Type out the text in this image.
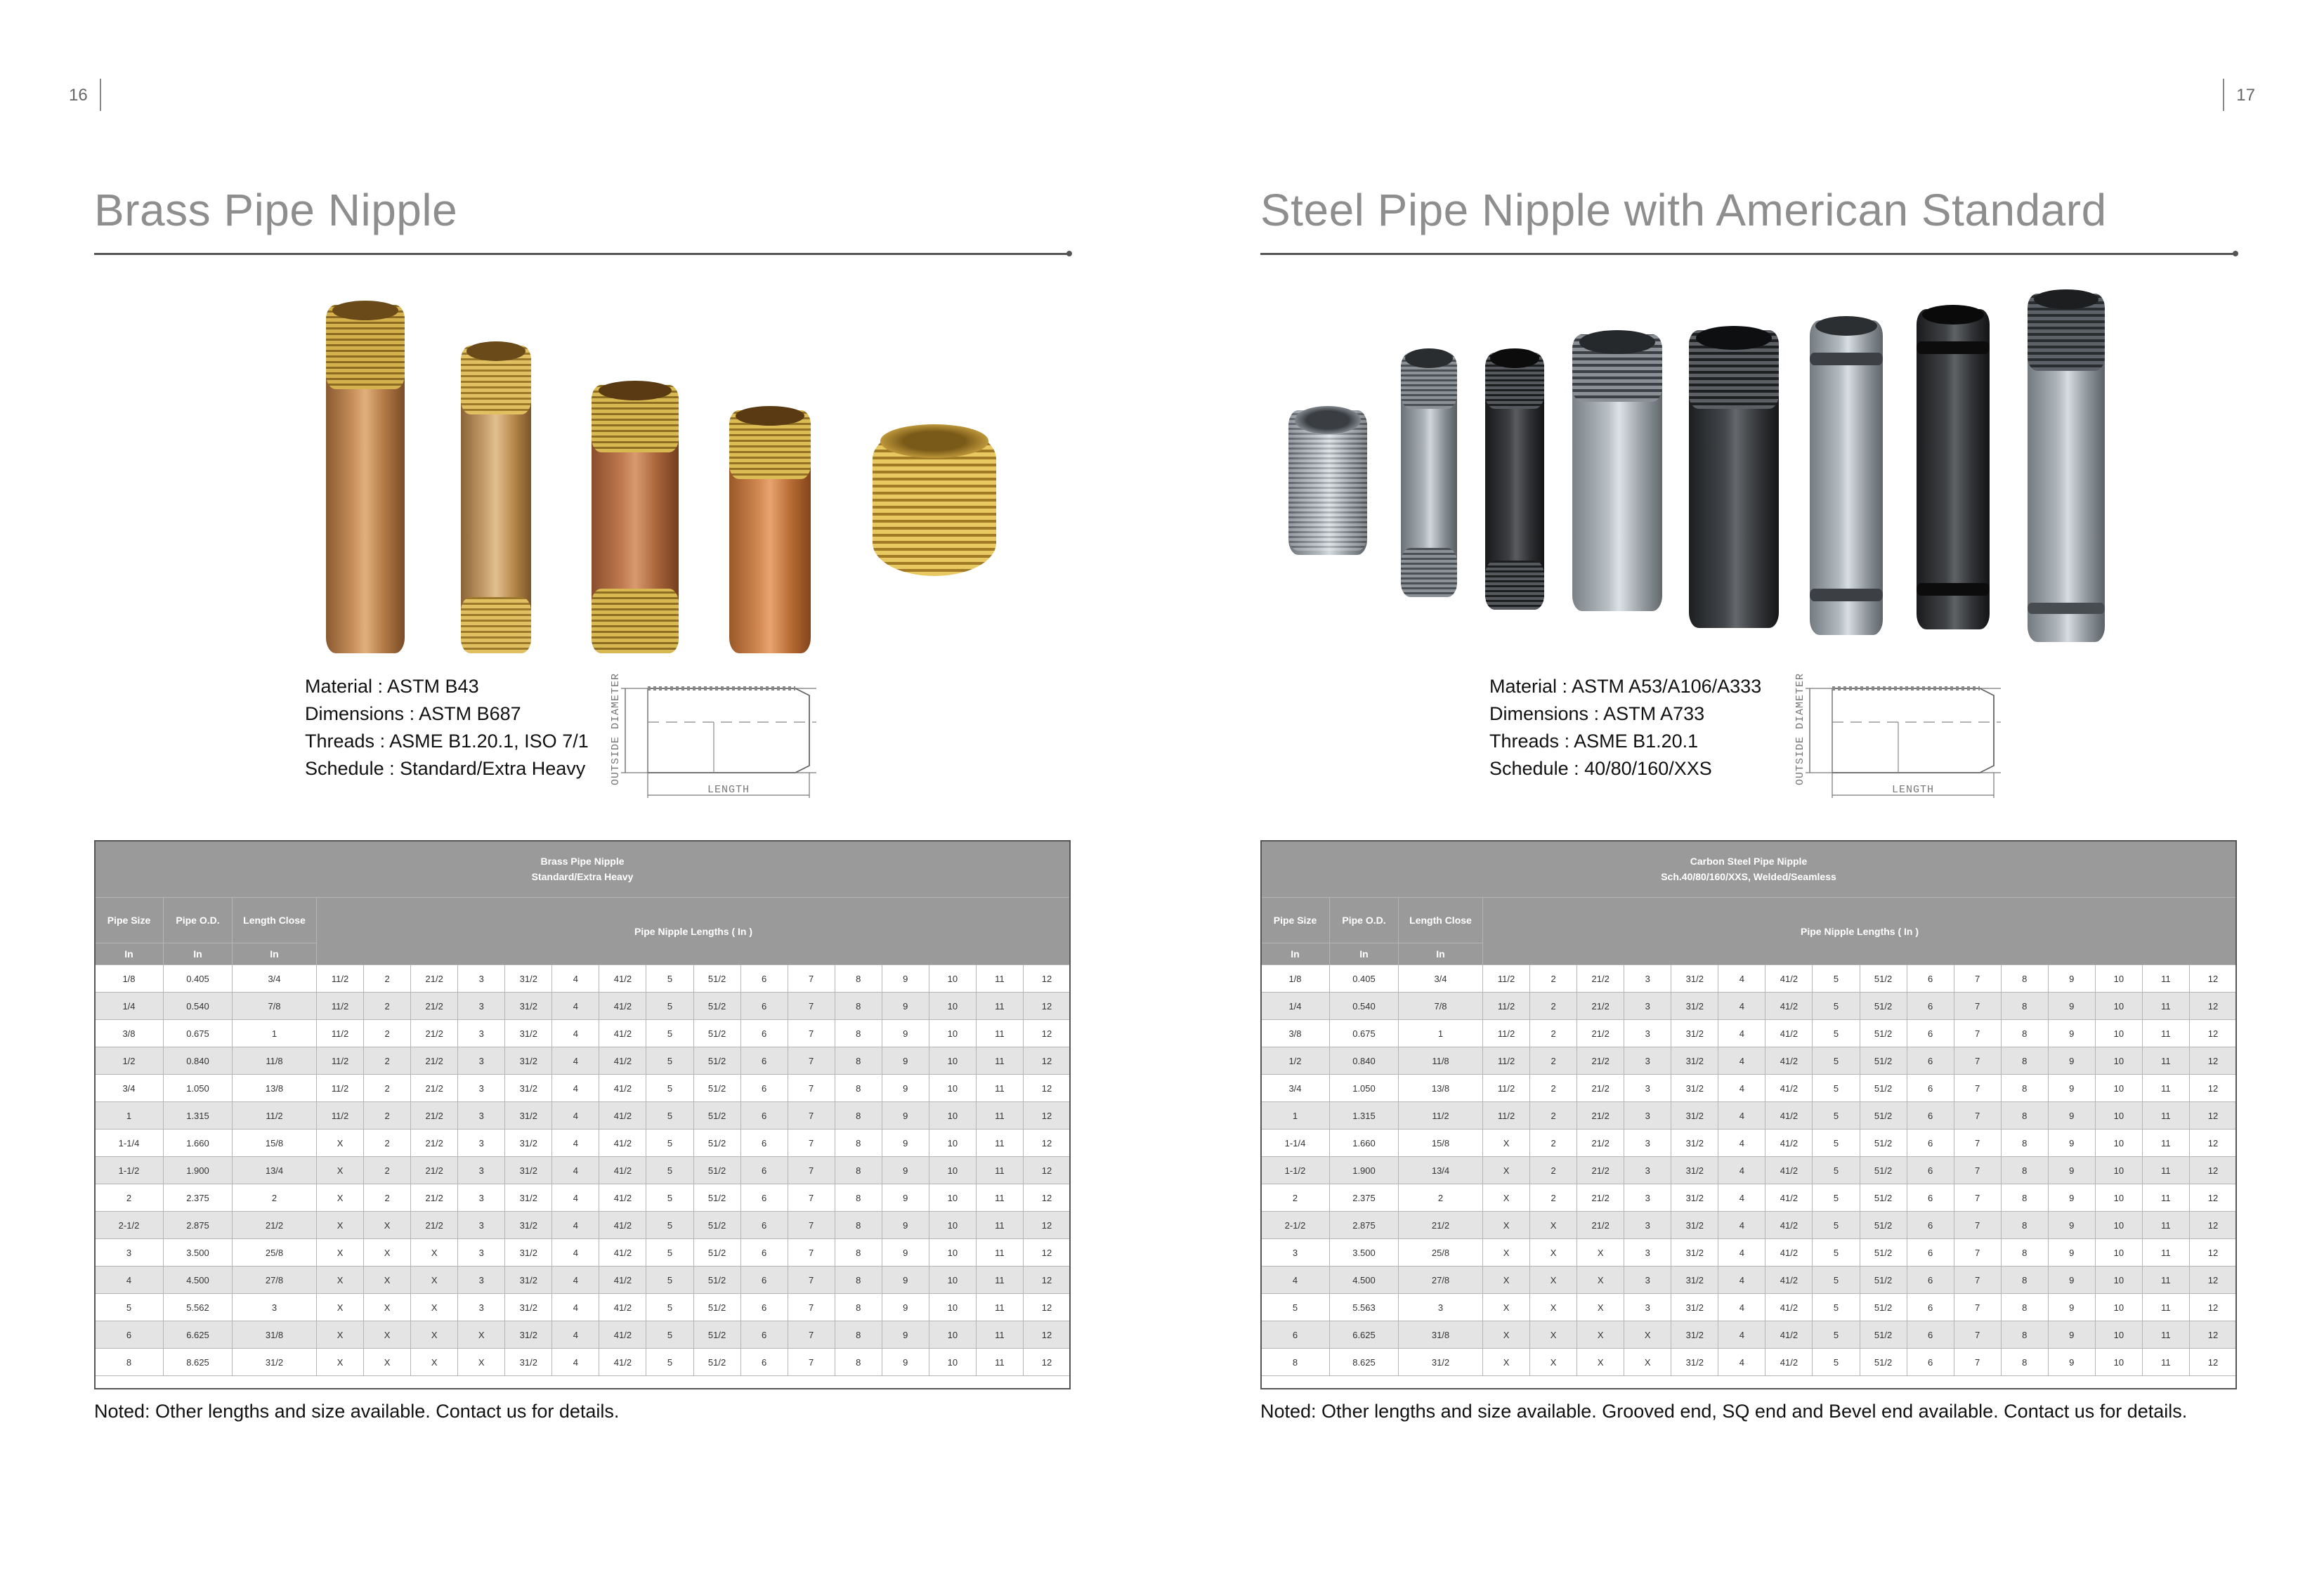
16	17
Brass Pipe Nipple
Material : ASTM B43
Dimensions : ASTM B687
Threads : ASME B1.20.1, ISO 7/1
Schedule : Standard/Extra Heavy OUTSIDE DIAMETER
LENGTH
Brass Pipe Nipple
Standard/Extra Heavy																		
Pipe Size	Pipe O.D.	Length Close	Pipe Nipple Lengths ( In )															
In	In	In																
1/8	0.405	3/4	11/2	2	21/2	3	31/2	4	41/2	5	51/2	6	7	8	9	10	11	12
1/4	0.540	7/8	11/2	2	21/2	3	31/2	4	41/2	5	51/2	6	7	8	9	10	11	12
3/8	0.675	1	11/2	2	21/2	3	31/2	4	41/2	5	51/2	6	7	8	9	10	11	12
1/2	0.840	11/8	11/2	2	21/2	3	31/2	4	41/2	5	51/2	6	7	8	9	10	11	12
3/4	1.050	13/8	11/2	2	21/2	3	31/2	4	41/2	5	51/2	6	7	8	9	10	11	12
1	1.315	11/2	11/2	2	21/2	3	31/2	4	41/2	5	51/2	6	7	8	9	10	11	12
1-1/4	1.660	15/8	X	2	21/2	3	31/2	4	41/2	5	51/2	6	7	8	9	10	11	12
1-1/2	1.900	13/4	X	2	21/2	3	31/2	4	41/2	5	51/2	6	7	8	9	10	11	12
2	2.375	2	X	2	21/2	3	31/2	4	41/2	5	51/2	6	7	8	9	10	11	12
2-1/2	2.875	21/2	X	X	21/2	3	31/2	4	41/2	5	51/2	6	7	8	9	10	11	12
3	3.500	25/8	X	X	X	3	31/2	4	41/2	5	51/2	6	7	8	9	10	11	12
4	4.500	27/8	X	X	X	3	31/2	4	41/2	5	51/2	6	7	8	9	10	11	12
5	5.562	3	X	X	X	3	31/2	4	41/2	5	51/2	6	7	8	9	10	11	12
6	6.625	31/8	X	X	X	X	31/2	4	41/2	5	51/2	6	7	8	9	10	11	12
8	8.625	31/2	X	X	X	X	31/2	4	41/2	5	51/2	6	7	8	9	10	11	12
Noted: Other lengths and size available. Contact us for details.
Steel Pipe Nipple with American Standard
Material : ASTM A53/A106/A333
Dimensions : ASTM A733
Threads : ASME B1.20.1
Schedule : 40/80/160/XXS	OUTSIDE DIAMETER
LENGTH
Carbon Steel Pipe Nipple
Sch.40/80/160/XXS, Welded/Seamless																		
Pipe Size	Pipe O.D.	Length Close	Pipe Nipple Lengths ( In )															
In	In	In																
1/8	0.405	3/4	11/2	2	21/2	3	31/2	4	41/2	5	51/2	6	7	8	9	10	11	12
1/4	0.540	7/8	11/2	2	21/2	3	31/2	4	41/2	5	51/2	6	7	8	9	10	11	12
3/8	0.675	1	11/2	2	21/2	3	31/2	4	41/2	5	51/2	6	7	8	9	10	11	12
1/2	0.840	11/8	11/2	2	21/2	3	31/2	4	41/2	5	51/2	6	7	8	9	10	11	12
3/4	1.050	13/8	11/2	2	21/2	3	31/2	4	41/2	5	51/2	6	7	8	9	10	11	12
1	1.315	11/2	11/2	2	21/2	3	31/2	4	41/2	5	51/2	6	7	8	9	10	11	12
1-1/4	1.660	15/8	X	2	21/2	3	31/2	4	41/2	5	51/2	6	7	8	9	10	11	12
1-1/2	1.900	13/4	X	2	21/2	3	31/2	4	41/2	5	51/2	6	7	8	9	10	11	12
2	2.375	2	X	2	21/2	3	31/2	4	41/2	5	51/2	6	7	8	9	10	11	12
2-1/2	2.875	21/2	X	X	21/2	3	31/2	4	41/2	5	51/2	6	7	8	9	10	11	12
3	3.500	25/8	X	X	X	3	31/2	4	41/2	5	51/2	6	7	8	9	10	11	12
4	4.500	27/8	X	X	X	3	31/2	4	41/2	5	51/2	6	7	8	9	10	11	12
5	5.563	3	X	X	X	3	31/2	4	41/2	5	51/2	6	7	8	9	10	11	12
6	6.625	31/8	X	X	X	X	31/2	4	41/2	5	51/2	6	7	8	9	10	11	12
8	8.625	31/2	X	X	X	X	31/2	4	41/2	5	51/2	6	7	8	9	10	11	12
Noted: Other lengths and size available. Grooved end, SQ end and Bevel end available. Contact us for details.
